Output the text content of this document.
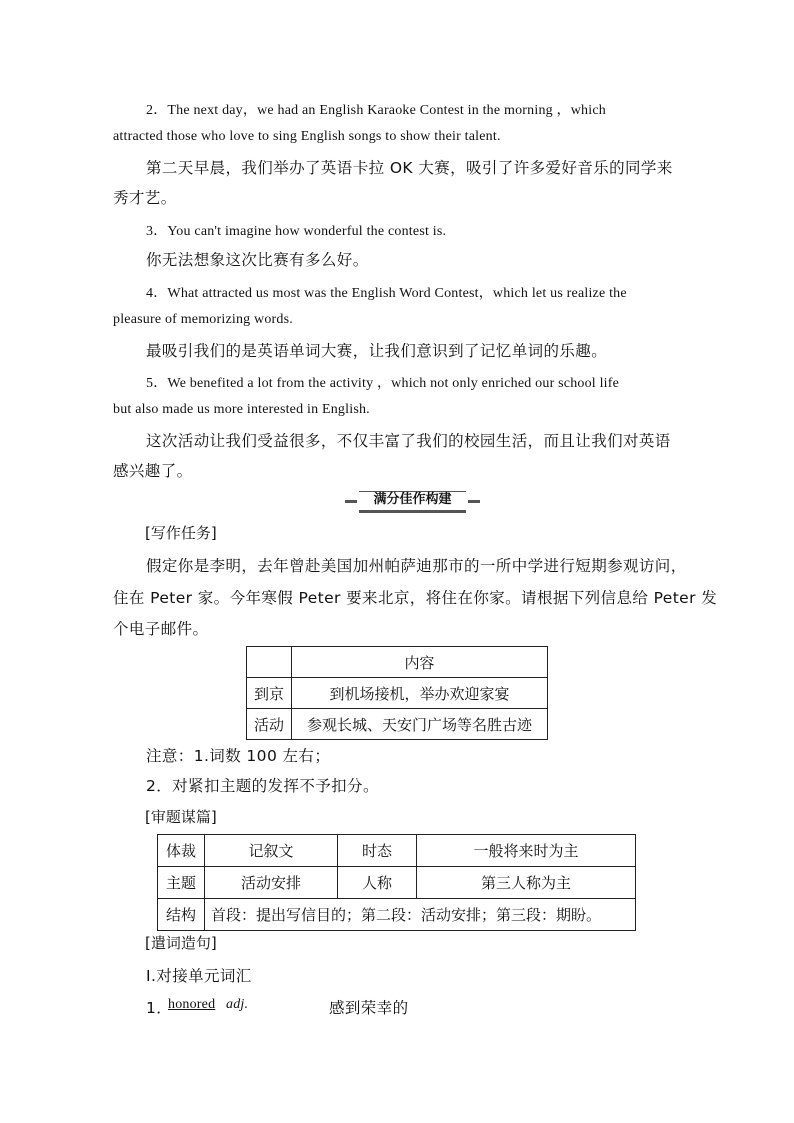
2．The next day，we had an English Karaoke Contest in the morning ，which
attracted those who love to sing English songs to show their talent.
第二天早晨，我们举办了英语卡拉 OK 大赛，吸引了许多爱好音乐的同学来
秀才艺。
3．You can't imagine how wonderful the contest is.
你无法想象这次比赛有多么好。
4．What attracted us most was the English Word Contest，which let us realize the
pleasure of memorizing words.
最吸引我们的是英语单词大赛，让我们意识到了记忆单词的乐趣。
5．We benefited a lot from the activity ，which not only enriched our school life
but also made us more interested in English.
这次活动让我们受益很多，不仅丰富了我们的校园生活，而且让我们对英语
感兴趣了。
满分佳作构建
[ 写作任务 ]
假定你是李明，去年曾赴美国加州帕萨迪那市的一所中学进行短期参观访问，
住在 Peter 家。今年寒假 Peter 要来北京，将住在你家。请根据下列信息给 Peter 发
个电子邮件。
	内容
到京	到机场接机，举办欢迎家宴
活动	参观长城、天安门广场等名胜古迹
注意：1.词数 100 左右；
2．对紧扣主题的发挥不予扣分。
[ 审题谋篇 ]
体裁	记叙文	时态	一般将来时为主
主题	活动安排	人称	第三人称为主
结构	首段：提出写信目的；第二段：活动安排；第三段：期盼。		
[ 遣词造句 ]
Ⅰ.对接单元词汇
1．
honored adj.	感到荣幸的
